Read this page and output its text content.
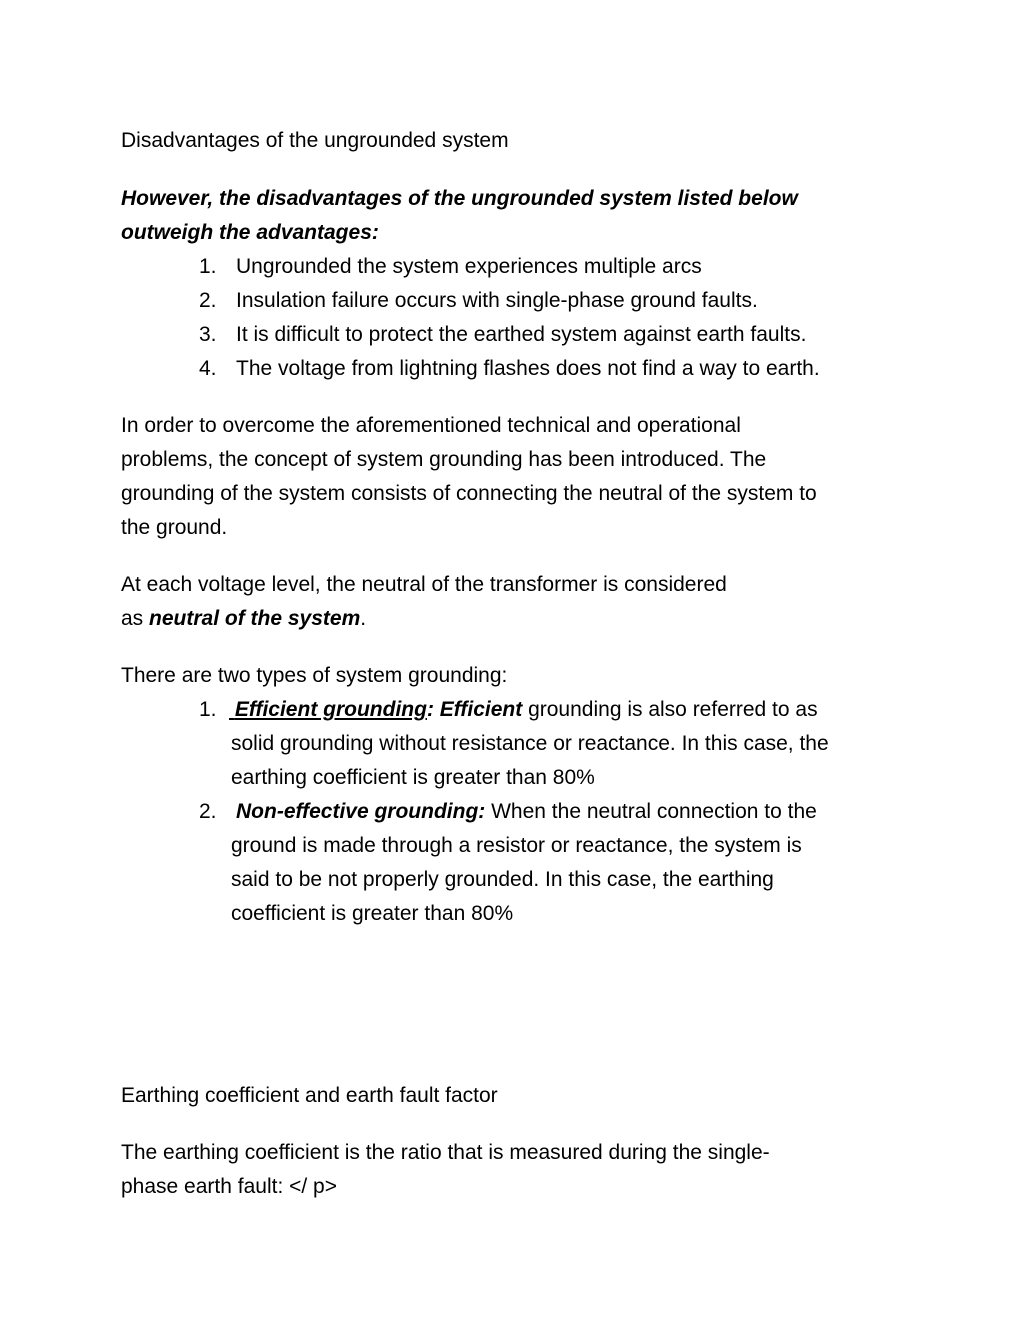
Disadvantages of the ungrounded system
However, the disadvantages of the ungrounded system listed below
outweigh the advantages:
1. Ungrounded the system experiences multiple arcs
2. Insulation failure occurs with single-phase ground faults.
3. It is difficult to protect the earthed system against earth faults.
4. The voltage from lightning flashes does not find a way to earth.
In order to overcome the aforementioned technical and operational
problems, the concept of system grounding has been introduced. The
grounding of the system consists of connecting the neutral of the system to
the ground.
At each voltage level, the neutral of the transformer is considered
as neutral of the system.
There are two types of system grounding:
1. Efficient grounding: Efficient grounding is also referred to as
solid grounding without resistance or reactance. In this case, the
earthing coefficient is greater than 80%
2. Non-effective grounding: When the neutral connection to the
ground is made through a resistor or reactance, the system is
said to be not properly grounded. In this case, the earthing
coefficient is greater than 80%
Earthing coefficient and earth fault factor
The earthing coefficient is the ratio that is measured during the single-
phase earth fault: </ p>
